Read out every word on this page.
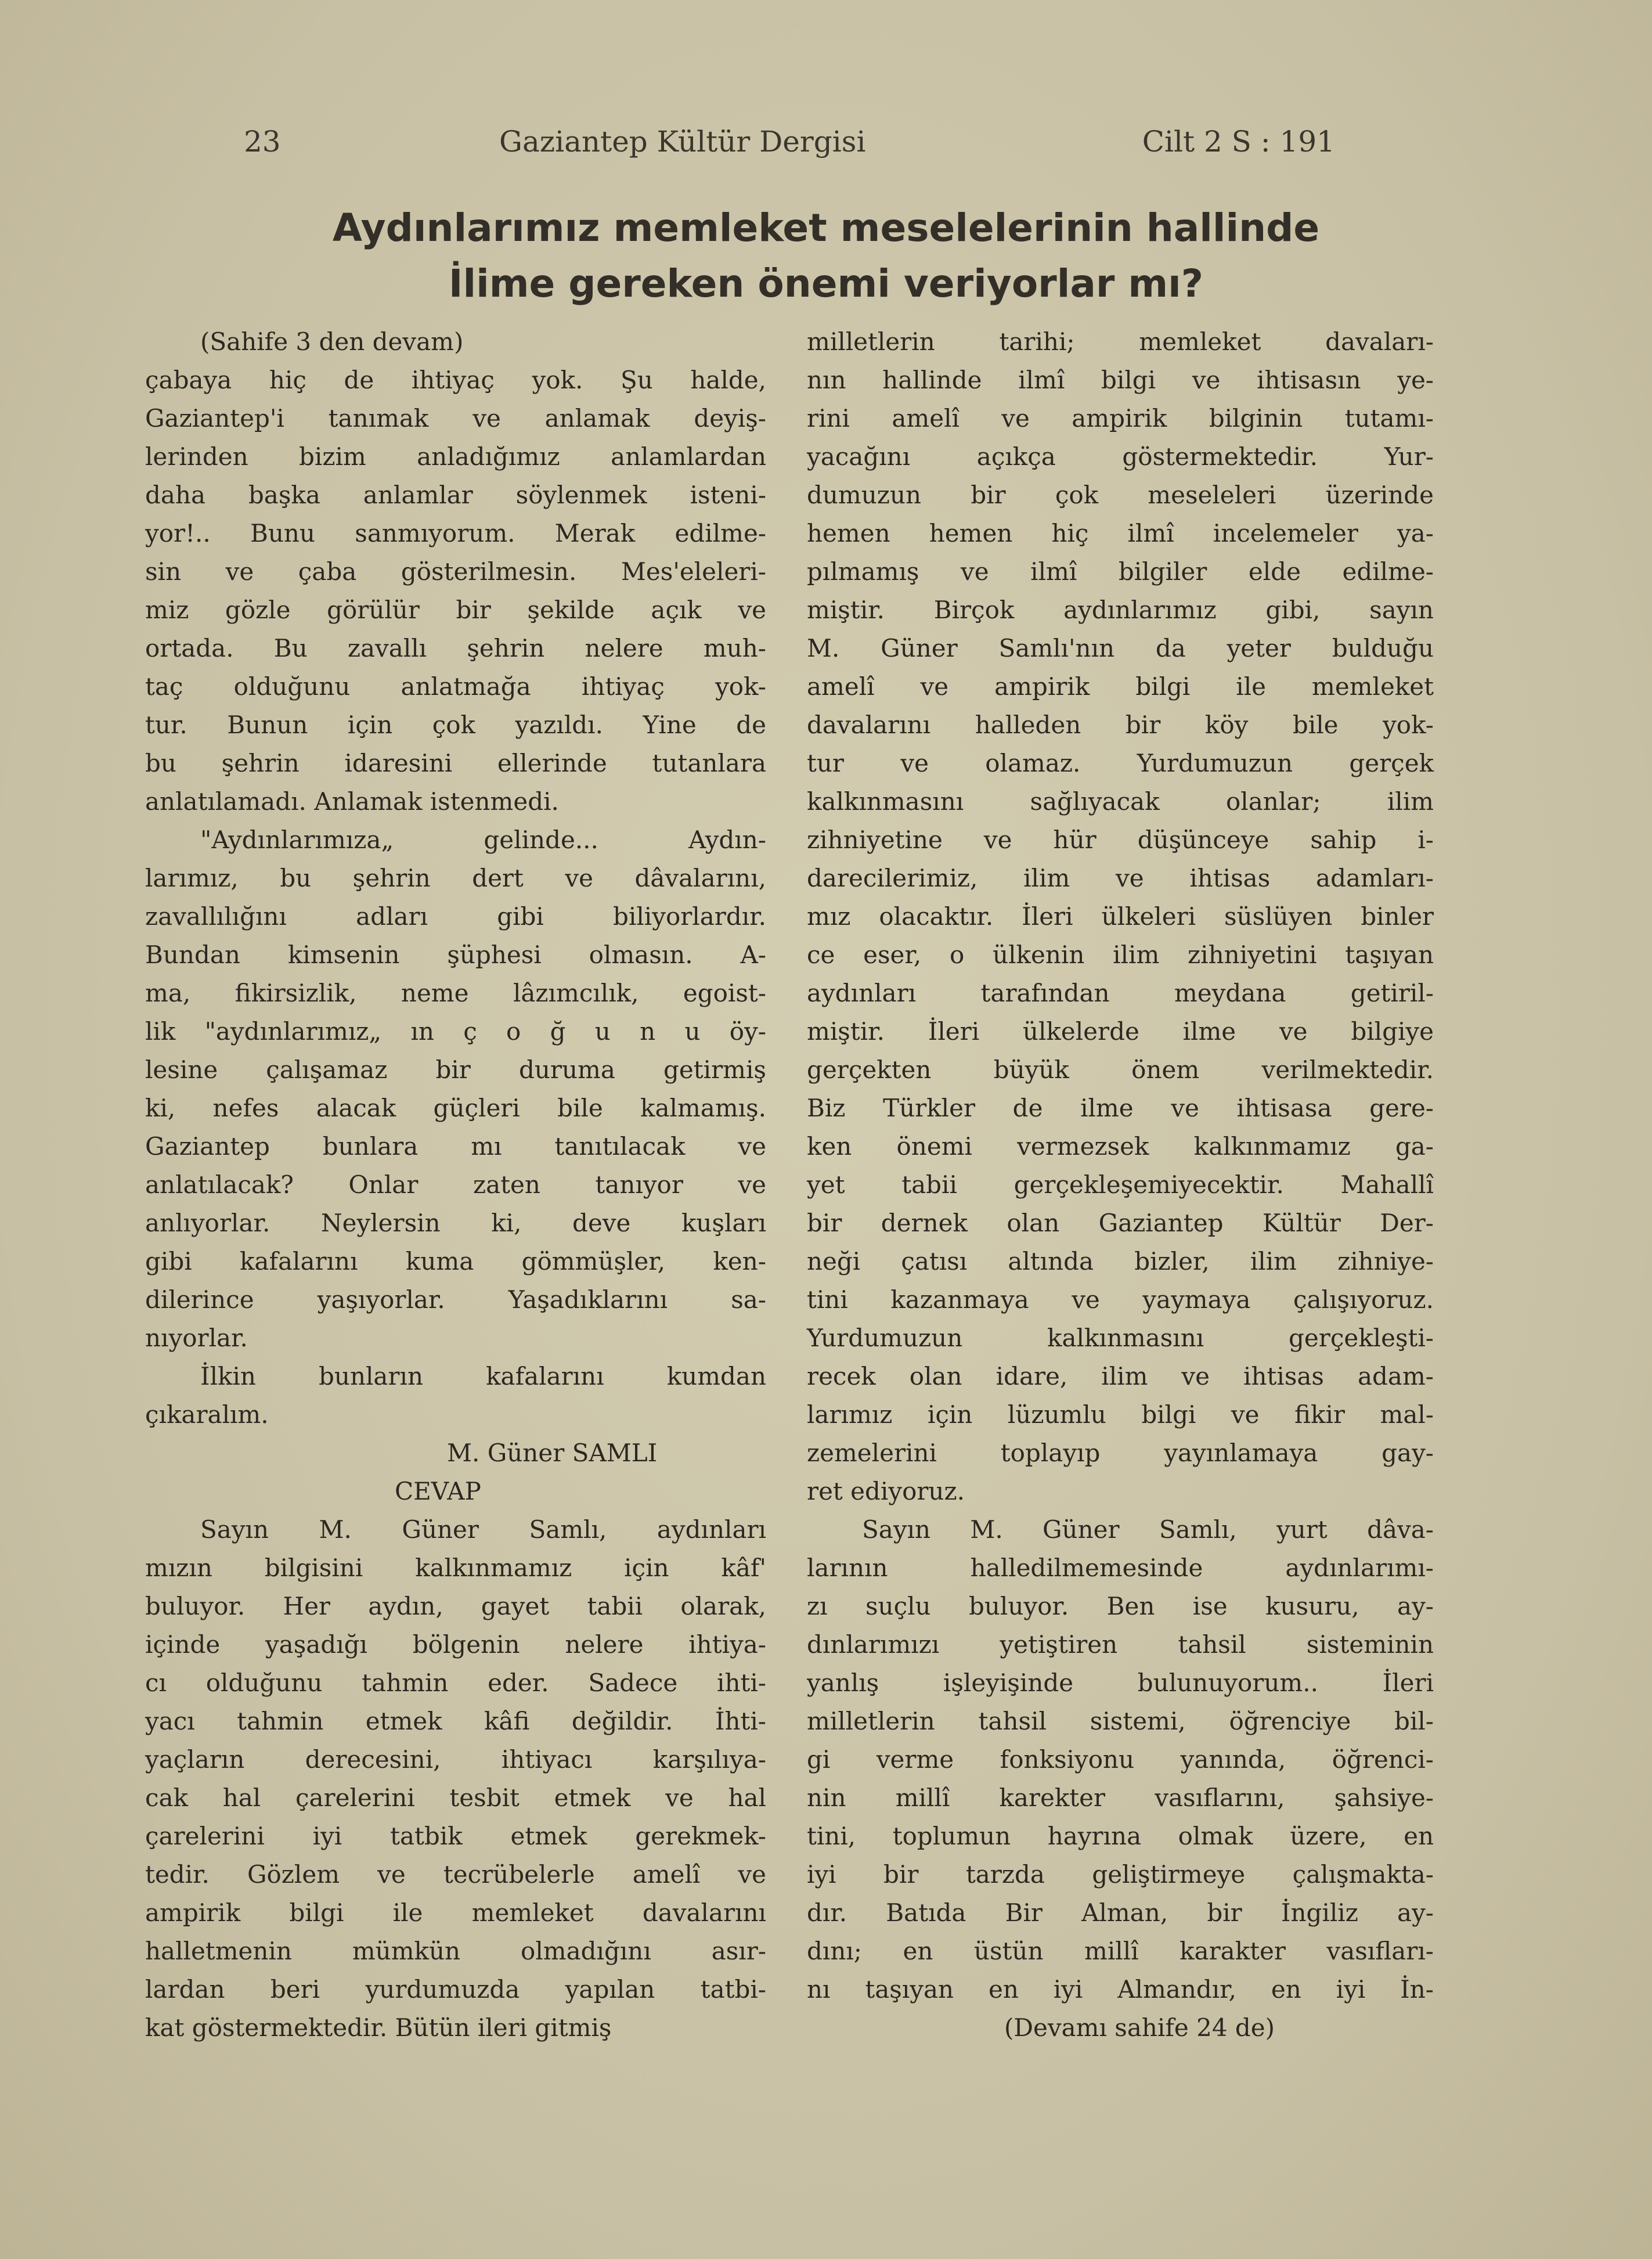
23	Gaziantep Kültür Dergisi	Cilt 2 S : 191
Aydınlarımız memleket meselelerinin hallinde
İlime gereken önemi veriyorlar mı?
(Sahife 3 den devam)
çabaya hiç de ihtiyaç yok. Şu halde,
Gaziantep'i tanımak ve anlamak deyiş-
lerinden bizim anladığımız anlamlardan
daha başka anlamlar söylenmek isteni-
yor!.. Bunu sanmıyorum. Merak edilme-
sin ve çaba gösterilmesin. Mes'eleleri-
miz gözle görülür bir şekilde açık ve
ortada. Bu zavallı şehrin nelere muh-
taç olduğunu anlatmağa ihtiyaç yok-
tur. Bunun için çok yazıldı. Yine de
bu şehrin idaresini ellerinde tutanlara
anlatılamadı. Anlamak istenmedi.
"Aydınlarımıza„ gelinde... Aydın-
larımız, bu şehrin dert ve dâvalarını,
zavallılığını adları gibi biliyorlardır.
Bundan kimsenin şüphesi olmasın. A-
ma, fikirsizlik, neme lâzımcılık, egoist-
lik "aydınlarımız„ ın ç o ğ u n u öy-
lesine çalışamaz bir duruma getirmiş
ki, nefes alacak güçleri bile kalmamış.
Gaziantep bunlara mı tanıtılacak ve
anlatılacak? Onlar zaten tanıyor ve
anlıyorlar. Neylersin ki, deve kuşları
gibi kafalarını kuma gömmüşler, ken-
dilerince yaşıyorlar. Yaşadıklarını sa-
nıyorlar.
İlkin bunların kafalarını kumdan
çıkaralım.
M. Güner SAMLI
CEVAP
Sayın M. Güner Samlı, aydınları
mızın bilgisini kalkınmamız için kâf'
buluyor. Her aydın, gayet tabii olarak,
içinde yaşadığı bölgenin nelere ihtiya-
cı olduğunu tahmin eder. Sadece ihti-
yacı tahmin etmek kâfi değildir. İhti-
yaçların derecesini, ihtiyacı karşılıya-
cak hal çarelerini tesbit etmek ve hal
çarelerini iyi tatbik etmek gerekmek-
tedir. Gözlem ve tecrübelerle amelî ve
ampirik bilgi ile memleket davalarını
halletmenin mümkün olmadığını asır-
lardan beri yurdumuzda yapılan tatbi-
kat göstermektedir. Bütün ileri gitmiş
milletlerin tarihi; memleket davaları-
nın hallinde ilmî bilgi ve ihtisasın ye-
rini amelî ve ampirik bilginin tutamı-
yacağını açıkça göstermektedir. Yur-
dumuzun bir çok meseleleri üzerinde
hemen hemen hiç ilmî incelemeler ya-
pılmamış ve ilmî bilgiler elde edilme-
miştir. Birçok aydınlarımız gibi, sayın
M. Güner Samlı'nın da yeter bulduğu
amelî ve ampirik bilgi ile memleket
davalarını halleden bir köy bile yok-
tur ve olamaz. Yurdumuzun gerçek
kalkınmasını sağlıyacak olanlar; ilim
zihniyetine ve hür düşünceye sahip i-
darecilerimiz, ilim ve ihtisas adamları-
mız olacaktır. İleri ülkeleri süslüyen binler
ce eser, o ülkenin ilim zihniyetini taşıyan
aydınları tarafından meydana getiril-
miştir. İleri ülkelerde ilme ve bilgiye
gerçekten büyük önem verilmektedir.
Biz Türkler de ilme ve ihtisasa gere-
ken önemi vermezsek kalkınmamız ga-
yet tabii gerçekleşemiyecektir. Mahallî
bir dernek olan Gaziantep Kültür Der-
neği çatısı altında bizler, ilim zihniye-
tini kazanmaya ve yaymaya çalışıyoruz.
Yurdumuzun kalkınmasını gerçekleşti-
recek olan idare, ilim ve ihtisas adam-
larımız için lüzumlu bilgi ve fikir mal-
zemelerini toplayıp yayınlamaya gay-
ret ediyoruz.
Sayın M. Güner Samlı, yurt dâva-
larının halledilmemesinde aydınlarımı-
zı suçlu buluyor. Ben ise kusuru, ay-
dınlarımızı yetiştiren tahsil sisteminin
yanlış işleyişinde bulunuyorum.. İleri
milletlerin tahsil sistemi, öğrenciye bil-
gi verme fonksiyonu yanında, öğrenci-
nin millî karekter vasıflarını, şahsiye-
tini, toplumun hayrına olmak üzere, en
iyi bir tarzda geliştirmeye çalışmakta-
dır. Batıda Bir Alman, bir İngiliz ay-
dını; en üstün millî karakter vasıfları-
nı taşıyan en iyi Almandır, en iyi İn-
(Devamı sahife 24 de)
